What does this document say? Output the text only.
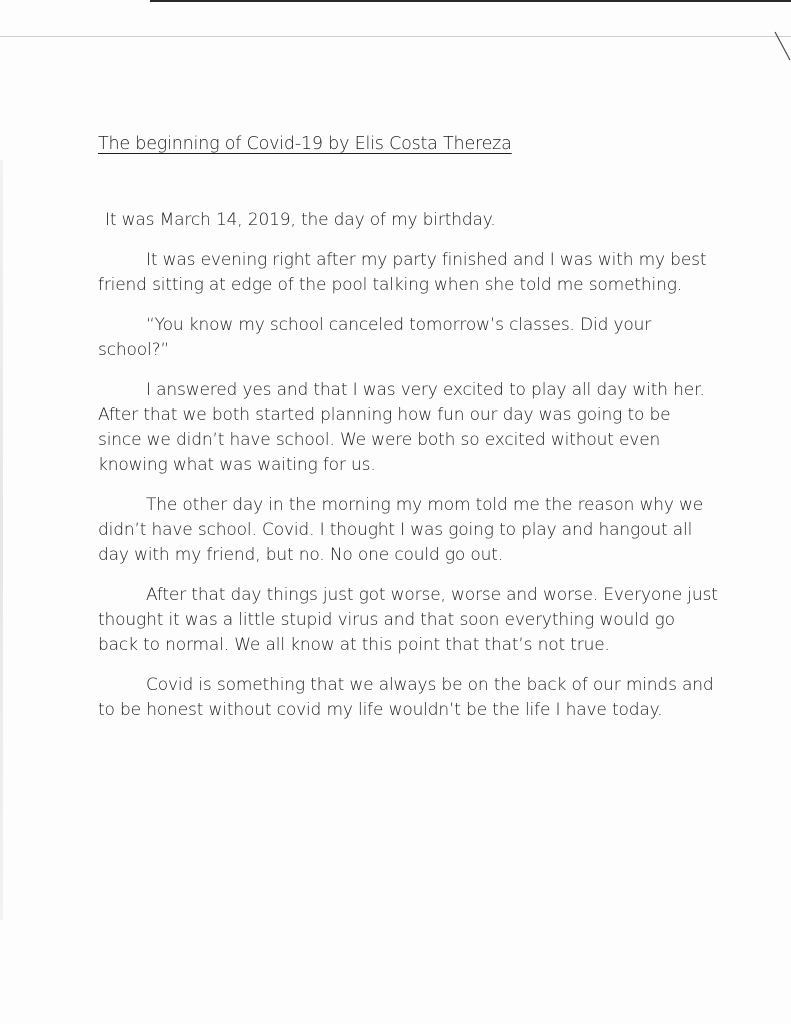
The beginning of Covid-19 by Elis Costa Thereza

It was March 14, 2019, the day of my birthday.

It was evening right after my party finished and I was with my best friend sitting at edge of the pool talking when she told me something.

“You know my school canceled tomorrow’s classes. Did your school?”

I answered yes and that I was very excited to play all day with her. After that we both started planning how fun our day was going to be since we didn’t have school. We were both so excited without even knowing what was waiting for us.

The other day in the morning my mom told me the reason why we didn’t have school. Covid. I thought I was going to play and hangout all day with my friend, but no. No one could go out.

After that day things just got worse, worse and worse. Everyone just thought it was a little stupid virus and that soon everything would go back to normal. We all know at this point that that’s not true.

Covid is something that we always be on the back of our minds and to be honest without covid my life wouldn’t be the life I have today.
